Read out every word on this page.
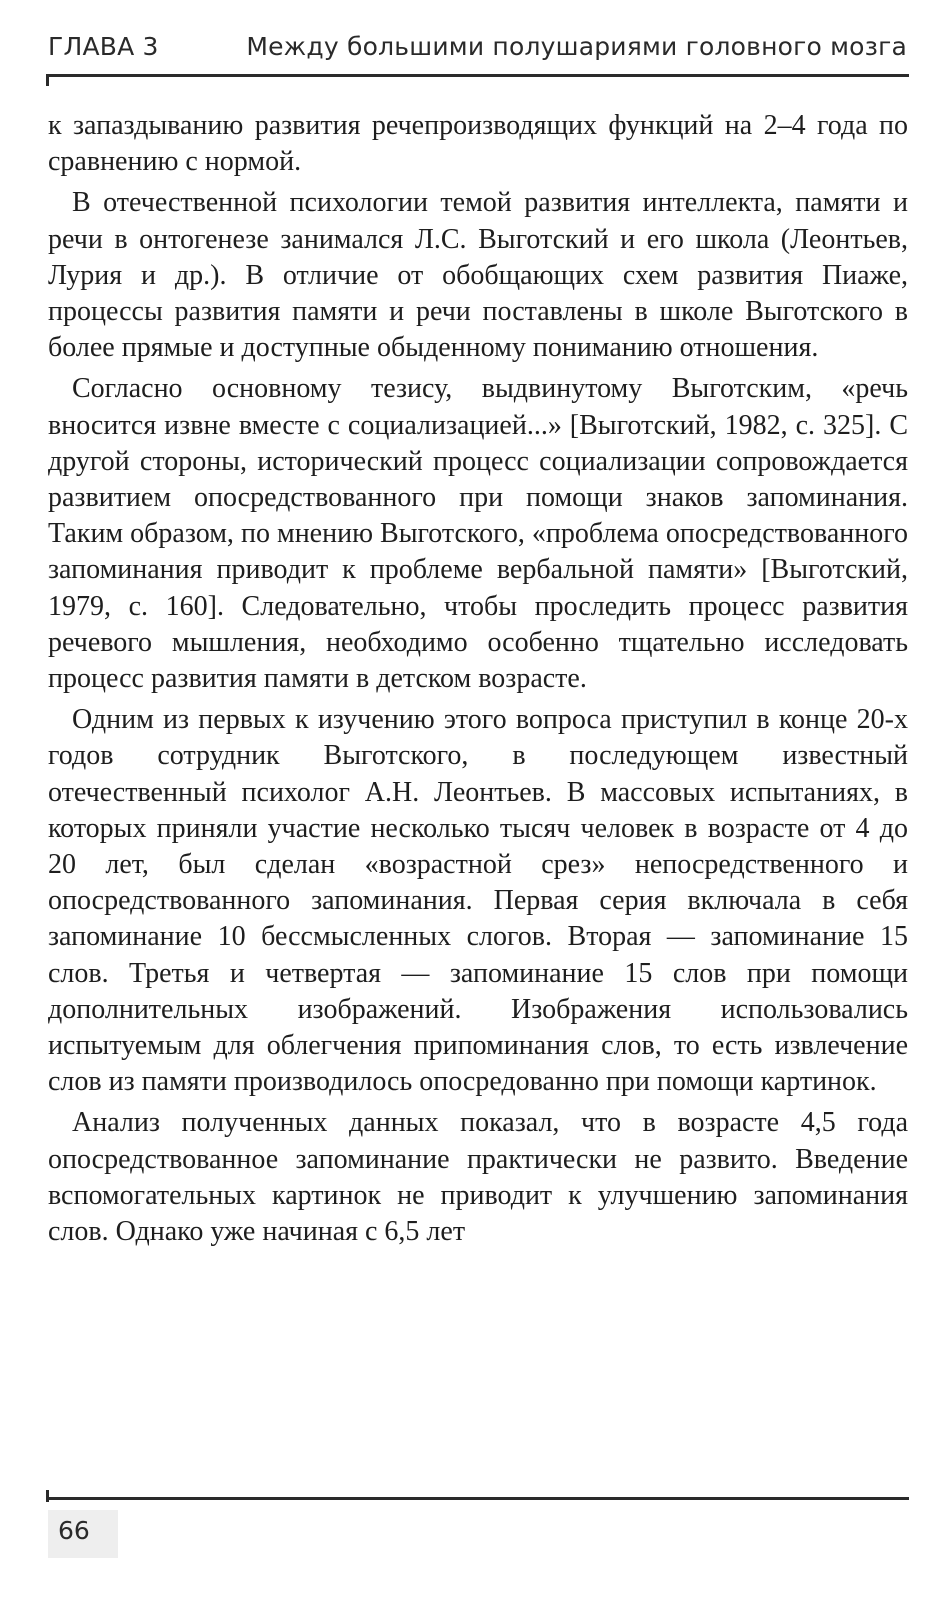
ГЛАВА 3	Между большими полушариями головного мозга

к запаздыванию развития речепроизводящих функций на 2–4 года по сравнению с нормой.

В отечественной психологии темой развития интеллекта, памяти и речи в онтогенезе занимался Л.С. Выготский и его школа (Леонтьев, Лурия и др.). В отличие от обобщающих схем развития Пиаже, процессы развития памяти и речи поставлены в школе Выготского в более прямые и доступные обыденному пониманию отношения.

Согласно основному тезису, выдвинутому Выготским, «речь вносится извне вместе с социализацией...» [Выготский, 1982, с. 325]. С другой стороны, исторический процесс социализации сопровождается развитием опосредствованного при помощи знаков запоминания. Таким образом, по мнению Выготского, «проблема опосредствованного запоминания приводит к проблеме вербальной памяти» [Выготский, 1979, с. 160]. Следовательно, чтобы проследить процесс развития речевого мышления, необходимо особенно тщательно исследовать процесс развития памяти в детском возрасте.

Одним из первых к изучению этого вопроса приступил в конце 20-х годов сотрудник Выготского, в последующем известный отечественный психолог А.Н. Леонтьев. В массовых испытаниях, в которых приняли участие несколько тысяч человек в возрасте от 4 до 20 лет, был сделан «возрастной срез» непосредственного и опосредствованного запоминания. Первая серия включала в себя запоминание 10 бессмысленных слогов. Вторая — запоминание 15 слов. Третья и четвертая — запоминание 15 слов при помощи дополнительных изображений. Изображения использовались испытуемым для облегчения припоминания слов, то есть извлечение слов из памяти производилось опосредованно при помощи картинок.

Анализ полученных данных показал, что в возрасте 4,5 года опосредствованное запоминание практически не развито. Введение вспомогательных картинок не приводит к улучшению запоминания слов. Однако уже начиная с 6,5 лет

66
